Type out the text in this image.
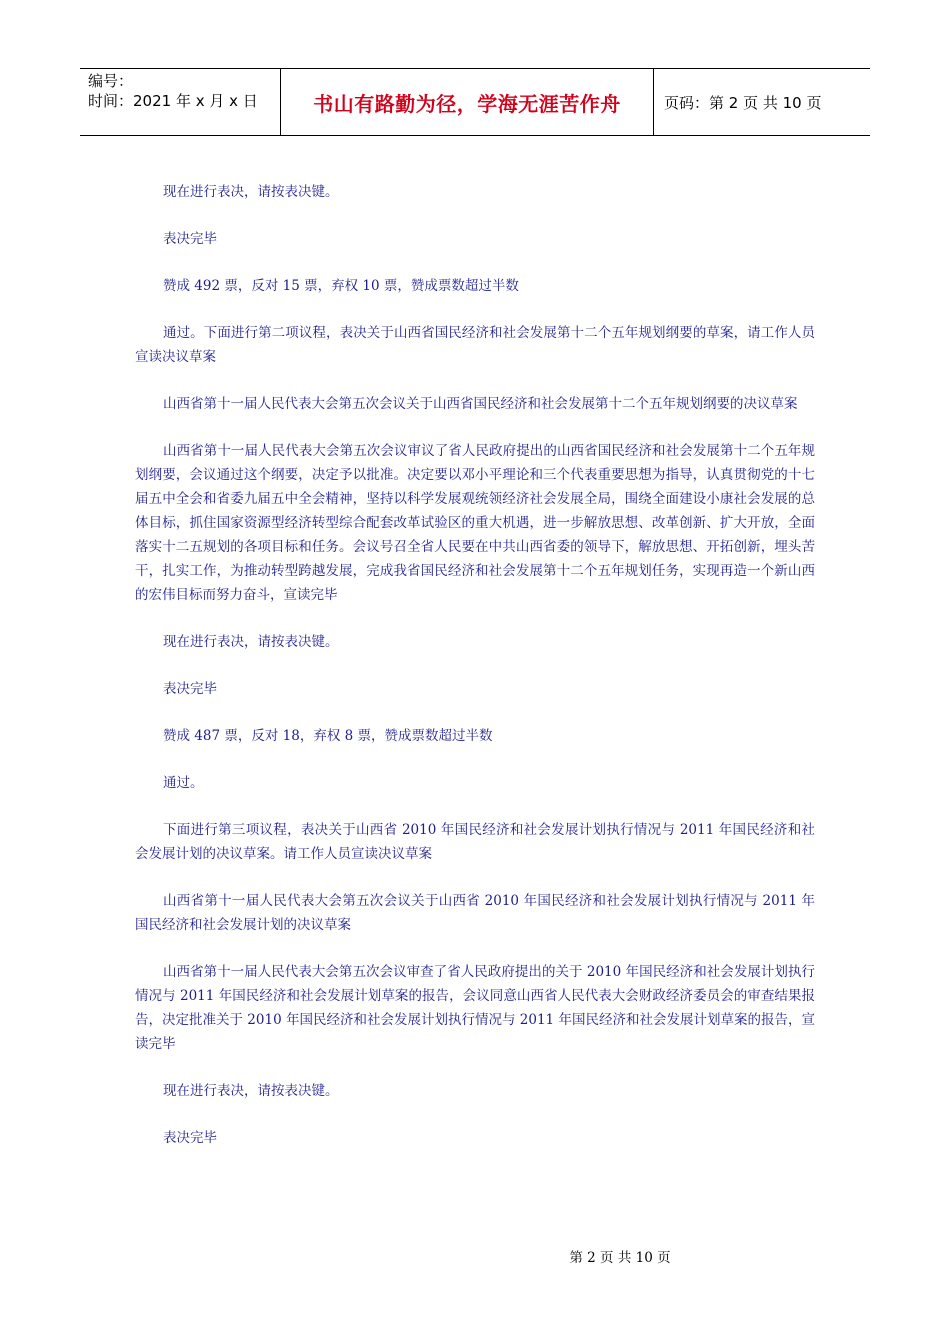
编号：
时间：2021 年 x 月 x 日	书山有路勤为径，学海无涯苦作舟	页码：第 2 页 共 10 页

现在进行表决，请按表决键。

表决完毕

赞成 492 票，反对 15 票，弃权 10 票，赞成票数超过半数

通过。下面进行第二项议程，表决关于山西省国民经济和社会发展第十二个五年规划纲要的草案，请工作人员宣读决议草案

山西省第十一届人民代表大会第五次会议关于山西省国民经济和社会发展第十二个五年规划纲要的决议草案

山西省第十一届人民代表大会第五次会议审议了省人民政府提出的山西省国民经济和社会发展第十二个五年规划纲要，会议通过这个纲要，决定予以批准。决定要以邓小平理论和三个代表重要思想为指导，认真贯彻党的十七届五中全会和省委九届五中全会精神，坚持以科学发展观统领经济社会发展全局，围绕全面建设小康社会发展的总体目标，抓住国家资源型经济转型综合配套改革试验区的重大机遇，进一步解放思想、改革创新、扩大开放，全面落实十二五规划的各项目标和任务。会议号召全省人民要在中共山西省委的领导下，解放思想、开拓创新，埋头苦干，扎实工作，为推动转型跨越发展，完成我省国民经济和社会发展第十二个五年规划任务，实现再造一个新山西的宏伟目标而努力奋斗，宣读完毕

现在进行表决，请按表决键。

表决完毕

赞成 487 票，反对 18，弃权 8 票，赞成票数超过半数

通过。

下面进行第三项议程，表决关于山西省 2010 年国民经济和社会发展计划执行情况与 2011 年国民经济和社会发展计划的决议草案。请工作人员宣读决议草案

山西省第十一届人民代表大会第五次会议关于山西省 2010 年国民经济和社会发展计划执行情况与 2011 年国民经济和社会发展计划的决议草案

山西省第十一届人民代表大会第五次会议审查了省人民政府提出的关于 2010 年国民经济和社会发展计划执行情况与 2011 年国民经济和社会发展计划草案的报告，会议同意山西省人民代表大会财政经济委员会的审查结果报告，决定批准关于 2010 年国民经济和社会发展计划执行情况与 2011 年国民经济和社会发展计划草案的报告，宣读完毕

现在进行表决，请按表决键。

表决完毕

第 2 页 共 10 页
